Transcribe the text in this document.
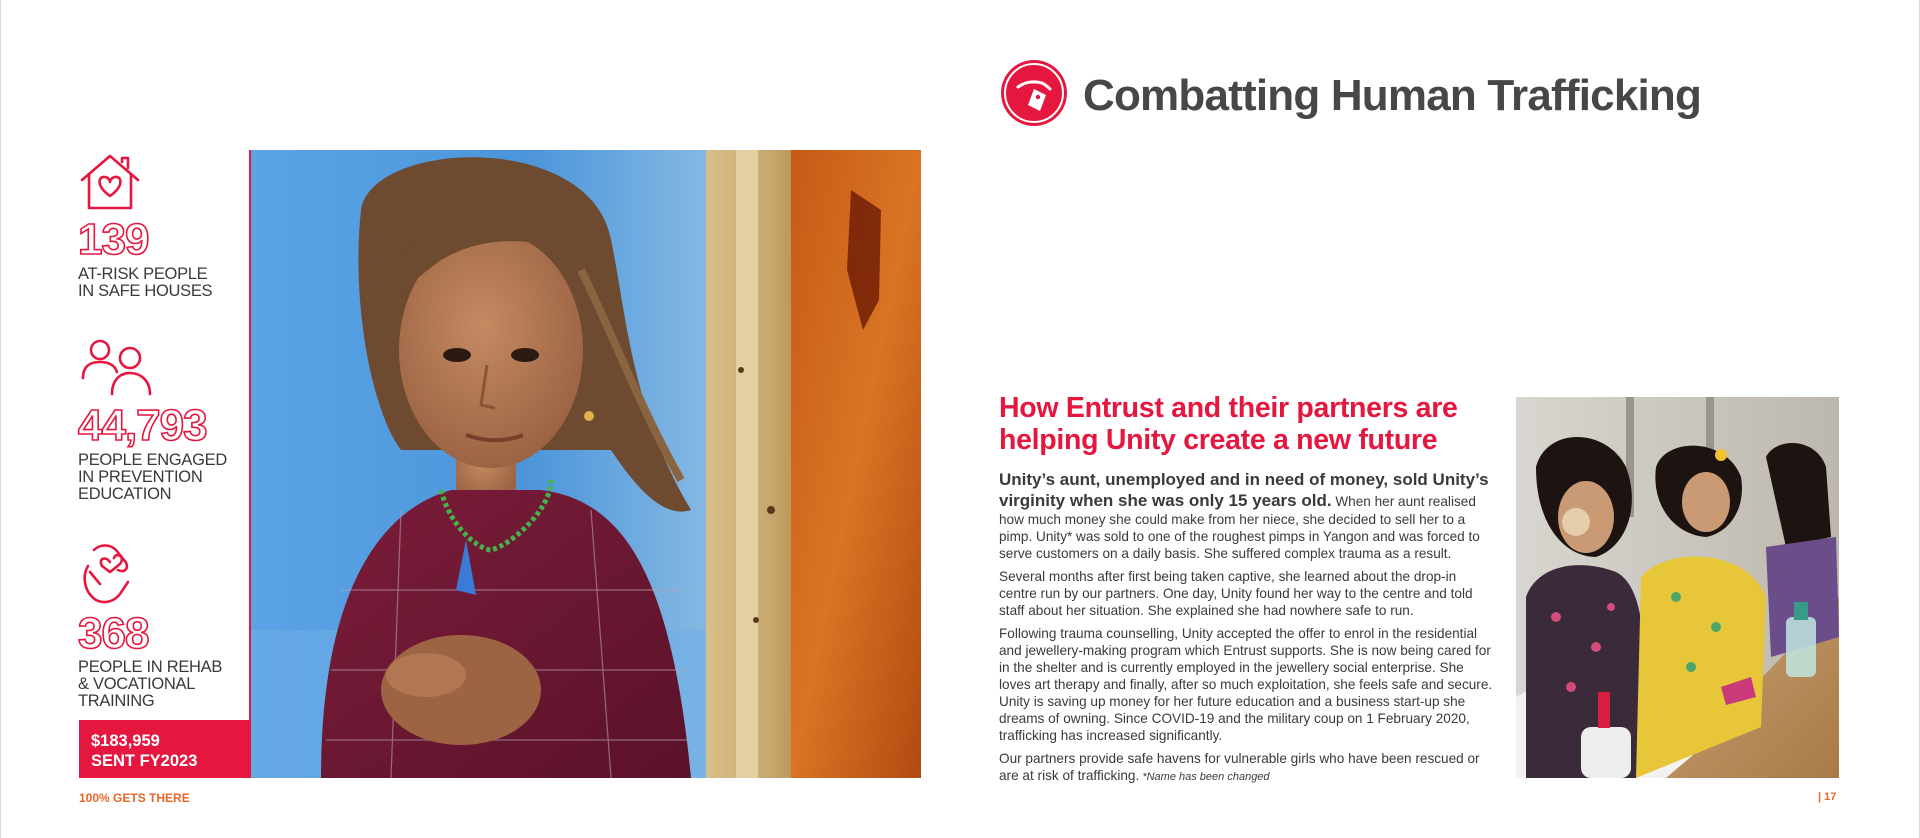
139
AT-RISK PEOPLE
IN SAFE HOUSES
44,793
PEOPLE ENGAGED
IN PREVENTION
EDUCATION
368
PEOPLE IN REHAB
& VOCATIONAL
TRAINING
$183,959
SENT FY2023
Combatting Human Trafficking
How Entrust and their partners are helping Unity create a new future

Unity’s aunt, unemployed and in need of money, sold Unity’s virginity when she was only 15 years old. When her aunt realised how much money she could make from her niece, she decided to sell her to a pimp. Unity* was sold to one of the roughest pimps in Yangon and was forced to serve customers on a daily basis. She suffered complex trauma as a result.

Several months after first being taken captive, she learned about the drop-in centre run by our partners. One day, Unity found her way to the centre and told staff about her situation. She explained she had nowhere safe to run.

Following trauma counselling, Unity accepted the offer to enrol in the residential and jewellery-making program which Entrust supports. She is now being cared for in the shelter and is currently employed in the jewellery social enterprise. She loves art therapy and finally, after so much exploitation, she feels safe and secure. Unity is saving up money for her future education and a business start-up she dreams of owning. Since COVID-19 and the military coup on 1 February 2020, trafficking has increased significantly.

Our partners provide safe havens for vulnerable girls who have been rescued or are at risk of trafficking. *Name has been changed

100% GETS THERE	| 17
